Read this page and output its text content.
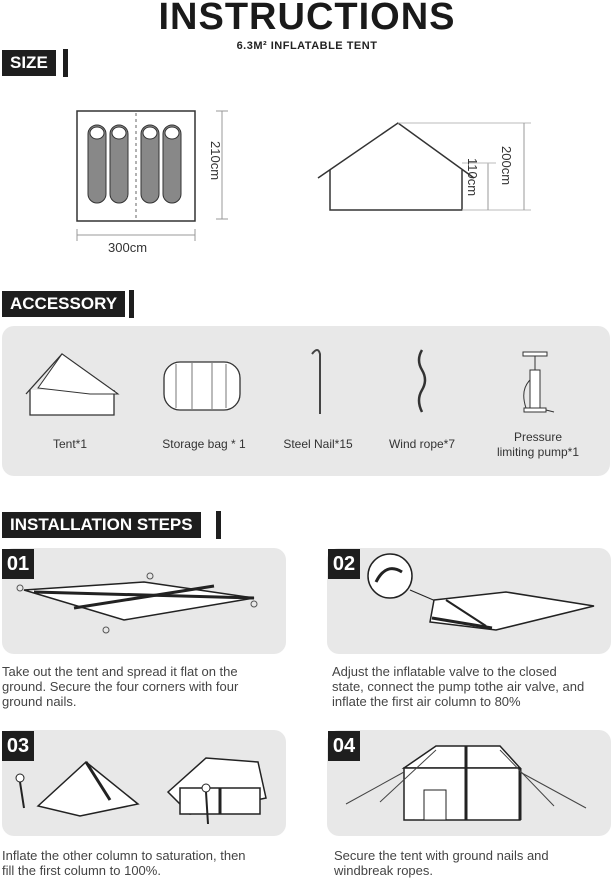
INSTRUCTIONS
6.3M² INFLATABLE TENT
SIZE
210cm
300cm
200cm
110cm
ACCESSORY
Tent*1	Storage bag * 1	Steel Nail*15	Wind rope*7	Pressure
limiting pump*1
INSTALLATION STEPS
01
Take out the tent and spread it flat on the
ground. Secure the four corners with four
ground nails.
02
Adjust the inflatable valve to the closed
state, connect the pump tothe air valve, and
inflate the first air column to 80%
03
Inflate the other column to saturation, then
fill the first column to 100%.
04
Secure the tent with ground nails and
windbreak ropes.
